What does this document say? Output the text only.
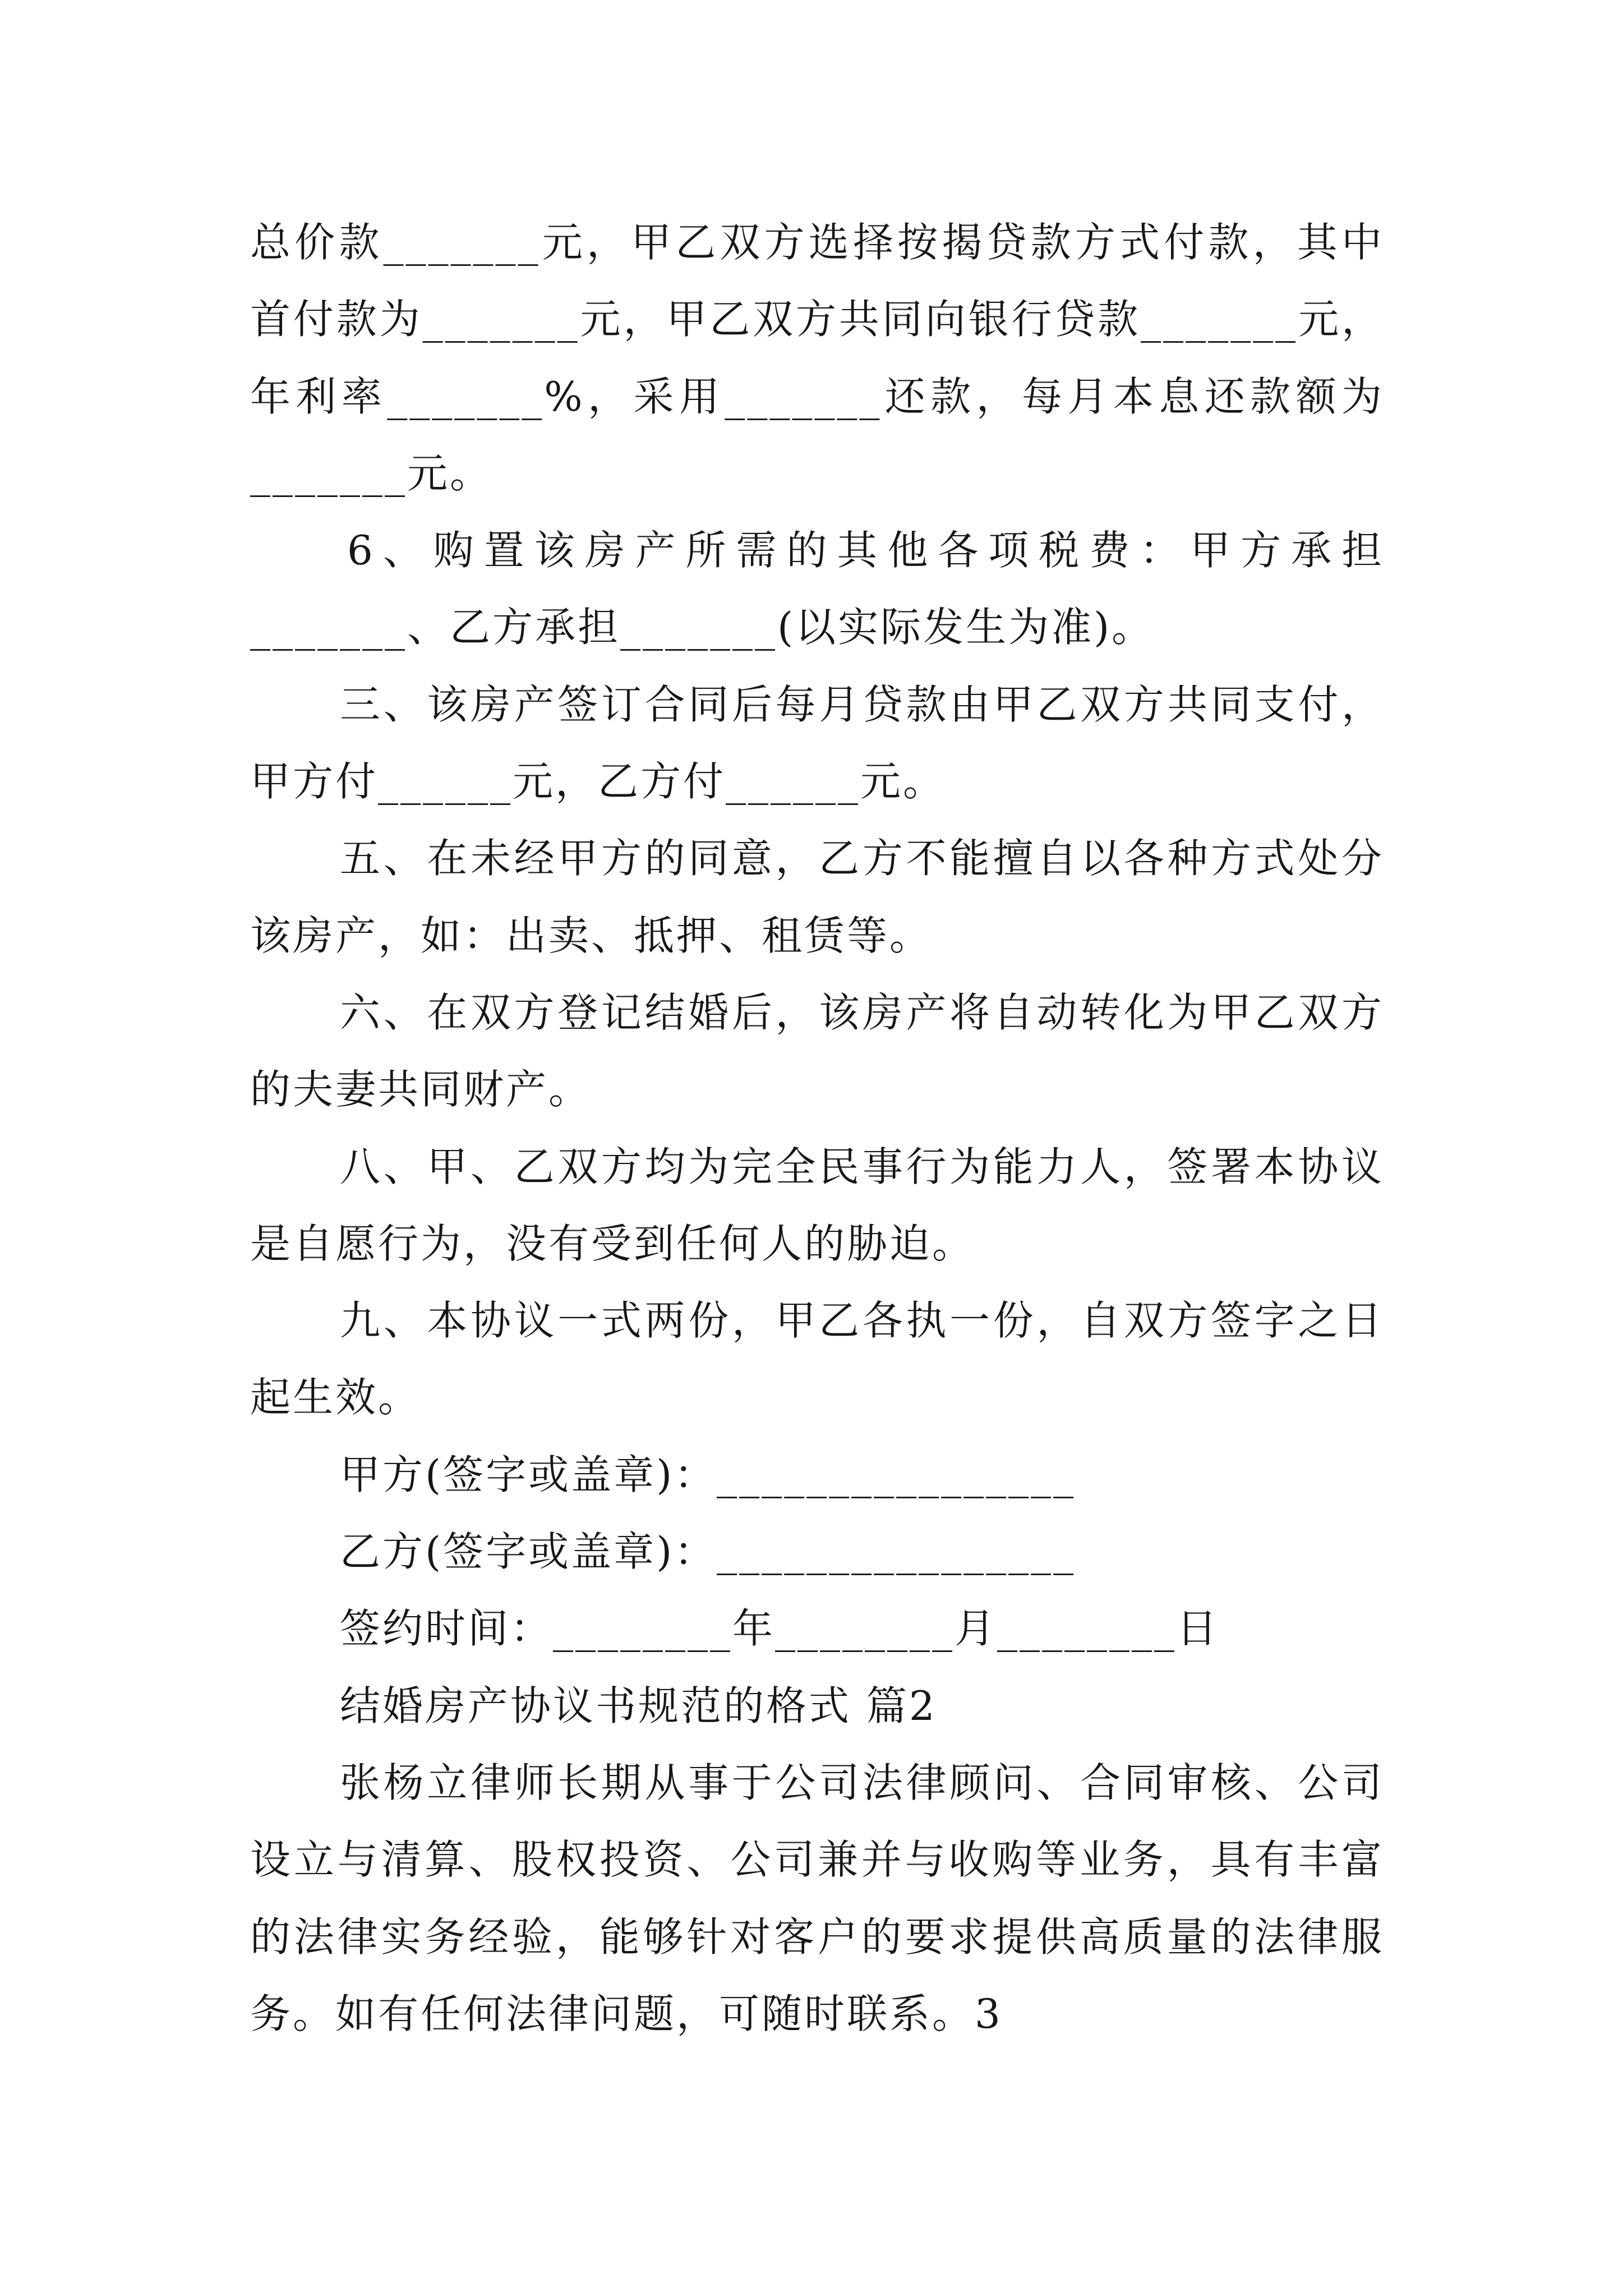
总价款_______元，甲乙双方选择按揭贷款方式付款，其中
首付款为_______元，甲乙双方共同向银行贷款_______元，
年利率_______%，采用_______还款，每月本息还款额为
_______元。
6、购置该房产所需的其他各项税费：甲方承担
_______、乙方承担_______(以实际发生为准)。
三、该房产签订合同后每月贷款由甲乙双方共同支付，
甲方付______元，乙方付______元。
五、在未经甲方的同意，乙方不能擅自以各种方式处分
该房产，如：出卖、抵押、租赁等。
六、在双方登记结婚后，该房产将自动转化为甲乙双方
的夫妻共同财产。
八、甲、乙双方均为完全民事行为能力人，签署本协议
是自愿行为，没有受到任何人的胁迫。
九、本协议一式两份，甲乙各执一份，自双方签字之日
起生效。
甲方(签字或盖章)：________________
乙方(签字或盖章)：________________
签约时间：________年________月________日
结婚房产协议书规范的格式 篇2
张杨立律师长期从事于公司法律顾问、合同审核、公司
设立与清算、股权投资、公司兼并与收购等业务，具有丰富
的法律实务经验，能够针对客户的要求提供高质量的法律服
务。如有任何法律问题，可随时联系。3
